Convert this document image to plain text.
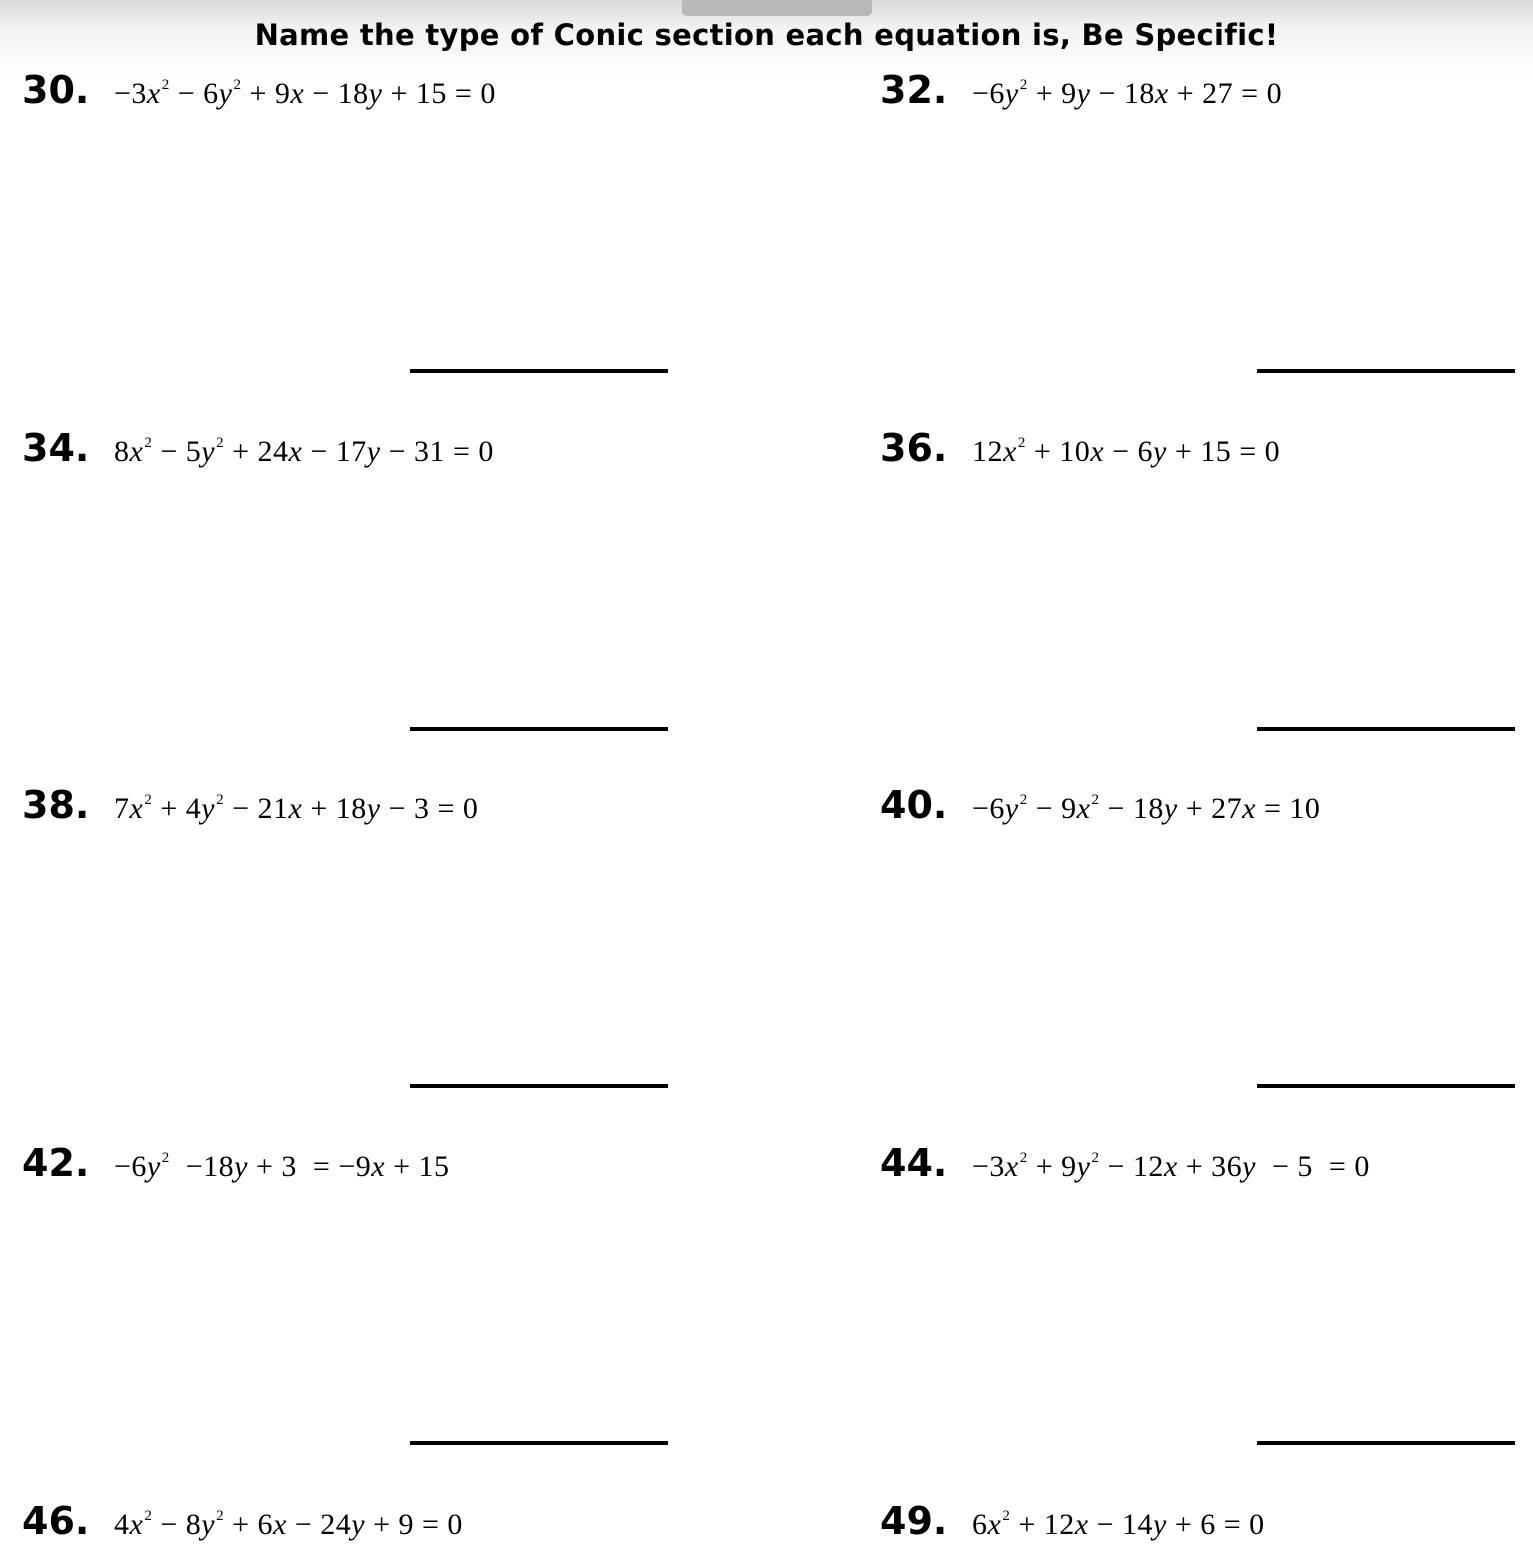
Name the type of Conic section each equation is, Be Specific!
30. $-3x^2 - 6y^2 + 9x - 18y + 15 = 0$	32. $-6y^2 + 9y - 18x + 27 = 0$
34. $8x^2 - 5y^2 + 24x - 17y - 31 = 0$	36. $12x^2 + 10x - 6y + 15 = 0$
38. $7x^2 + 4y^2 - 21x + 18y - 3 = 0$	40. $-6y^2 - 9x^2 - 18y + 27x = 10$
42. $-6y^2 -18y + 3 = -9x + 15$	44. $-3x^2 + 9y^2 - 12x + 36y - 5 = 0$
46. $4x^2 - 8y^2 + 6x - 24y + 9 = 0$	49. $6x^2 + 12x - 14y + 6 = 0$
